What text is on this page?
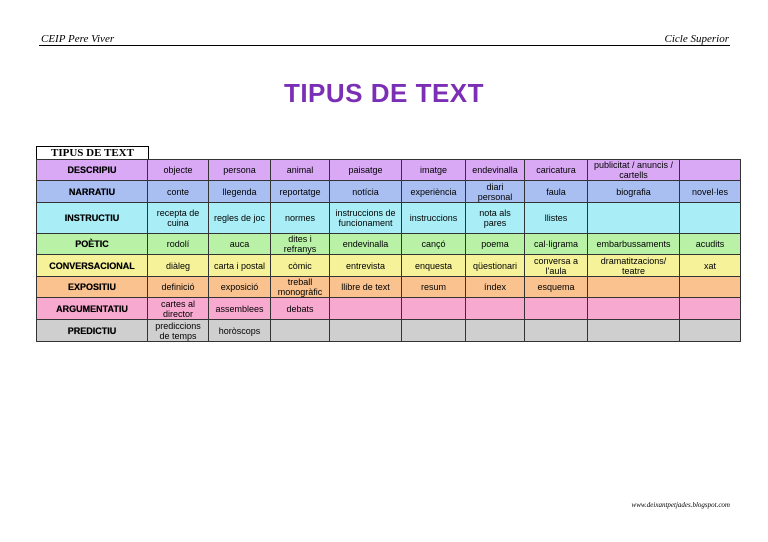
CEIP Pere Viver	Cicle Superior
TIPUS DE TEXT
TIPUS DE TEXT
DESCRIPIU	objecte	persona	animal	paisatge	imatge	endevinalla	caricatura	publicitat / anuncis / cartells	
NARRATIU	conte	llegenda	reportatge	notícia	experiència	diari personal	faula	biografia	novel·les
INSTRUCTIU	recepta de cuina	regles de joc	normes	instruccions de funcionament	instruccions	nota als pares	llistes		
POÈTIC	rodolí	auca	dites i refranys	endevinalla	cançó	poema	cal·ligrama	embarbussaments	acudits
CONVERSACIONAL	diàleg	carta i postal	còmic	entrevista	enquesta	qüestionari	conversa a l'aula	dramatitzacions/ teatre	xat
EXPOSITIU	definició	exposició	treball monogràfic	llibre de text	resum	índex	esquema		
ARGUMENTATIU	cartes al director	assemblees	debats						
PREDICTIU	prediccions de temps	horòscops							
www.deixantpetjades.blogspot.com
